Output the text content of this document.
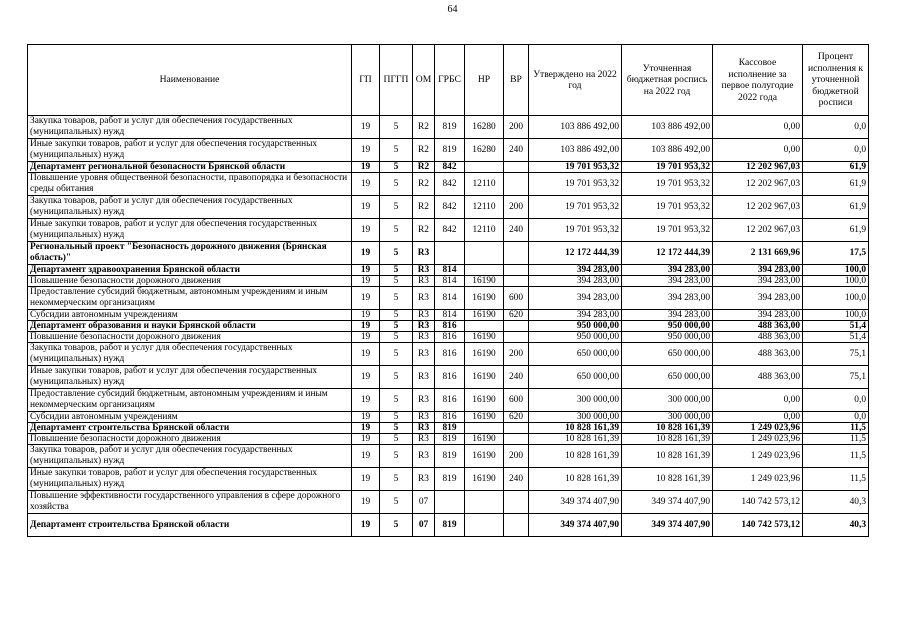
64
Наименование	ГП	ПГГП	ОМ	ГРБС	НР	ВР	Утверждено на 2022 год	Уточненная бюджетная роспись на 2022 год	Кассовое исполнение за первое полугодие 2022 года	Процент исполнения к уточненной бюджетной росписи
Закупка товаров, работ и услуг для обеспечения государственных (муниципальных) нужд	19	5	R2	819	16280	200	103 886 492,00	103 886 492,00	0,00	0,0
Иные закупки товаров, работ и услуг для обеспечения государственных (муниципальных) нужд	19	5	R2	819	16280	240	103 886 492,00	103 886 492,00	0,00	0,0
Департамент региональной безопасности Брянской области	19	5	R2	842			19 701 953,32	19 701 953,32	12 202 967,03	61,9
Повышение уровня общественной безопасности, правопорядка и безопасности среды обитания	19	5	R2	842	12110		19 701 953,32	19 701 953,32	12 202 967,03	61,9
Закупка товаров, работ и услуг для обеспечения государственных (муниципальных) нужд	19	5	R2	842	12110	200	19 701 953,32	19 701 953,32	12 202 967,03	61,9
Иные закупки товаров, работ и услуг для обеспечения государственных (муниципальных) нужд	19	5	R2	842	12110	240	19 701 953,32	19 701 953,32	12 202 967,03	61,9
Региональный проект "Безопасность дорожного движения (Брянская область)"	19	5	R3				12 172 444,39	12 172 444,39	2 131 669,96	17,5
Департамент здравоохранения Брянской области	19	5	R3	814			394 283,00	394 283,00	394 283,00	100,0
Повышение безопасности дорожного движения	19	5	R3	814	16190		394 283,00	394 283,00	394 283,00	100,0
Предоставление субсидий бюджетным, автономным учреждениям и иным некоммерческим организациям	19	5	R3	814	16190	600	394 283,00	394 283,00	394 283,00	100,0
Субсидии автономным учреждениям	19	5	R3	814	16190	620	394 283,00	394 283,00	394 283,00	100,0
Департамент образования и науки Брянской области	19	5	R3	816			950 000,00	950 000,00	488 363,00	51,4
Повышение безопасности дорожного движения	19	5	R3	816	16190		950 000,00	950 000,00	488 363,00	51,4
Закупка товаров, работ и услуг для обеспечения государственных (муниципальных) нужд	19	5	R3	816	16190	200	650 000,00	650 000,00	488 363,00	75,1
Иные закупки товаров, работ и услуг для обеспечения государственных (муниципальных) нужд	19	5	R3	816	16190	240	650 000,00	650 000,00	488 363,00	75,1
Предоставление субсидий бюджетным, автономным учреждениям и иным некоммерческим организациям	19	5	R3	816	16190	600	300 000,00	300 000,00	0,00	0,0
Субсидии автономным учреждениям	19	5	R3	816	16190	620	300 000,00	300 000,00	0,00	0,0
Департамент строительства Брянской области	19	5	R3	819			10 828 161,39	10 828 161,39	1 249 023,96	11,5
Повышение безопасности дорожного движения	19	5	R3	819	16190		10 828 161,39	10 828 161,39	1 249 023,96	11,5
Закупка товаров, работ и услуг для обеспечения государственных (муниципальных) нужд	19	5	R3	819	16190	200	10 828 161,39	10 828 161,39	1 249 023,96	11,5
Иные закупки товаров, работ и услуг для обеспечения государственных (муниципальных) нужд	19	5	R3	819	16190	240	10 828 161,39	10 828 161,39	1 249 023,96	11,5
Повышение эффективности государственного управления в сфере дорожного хозяйства	19	5	07				349 374 407,90	349 374 407,90	140 742 573,12	40,3
Департамент строительства Брянской области	19	5	07	819			349 374 407,90	349 374 407,90	140 742 573,12	40,3
